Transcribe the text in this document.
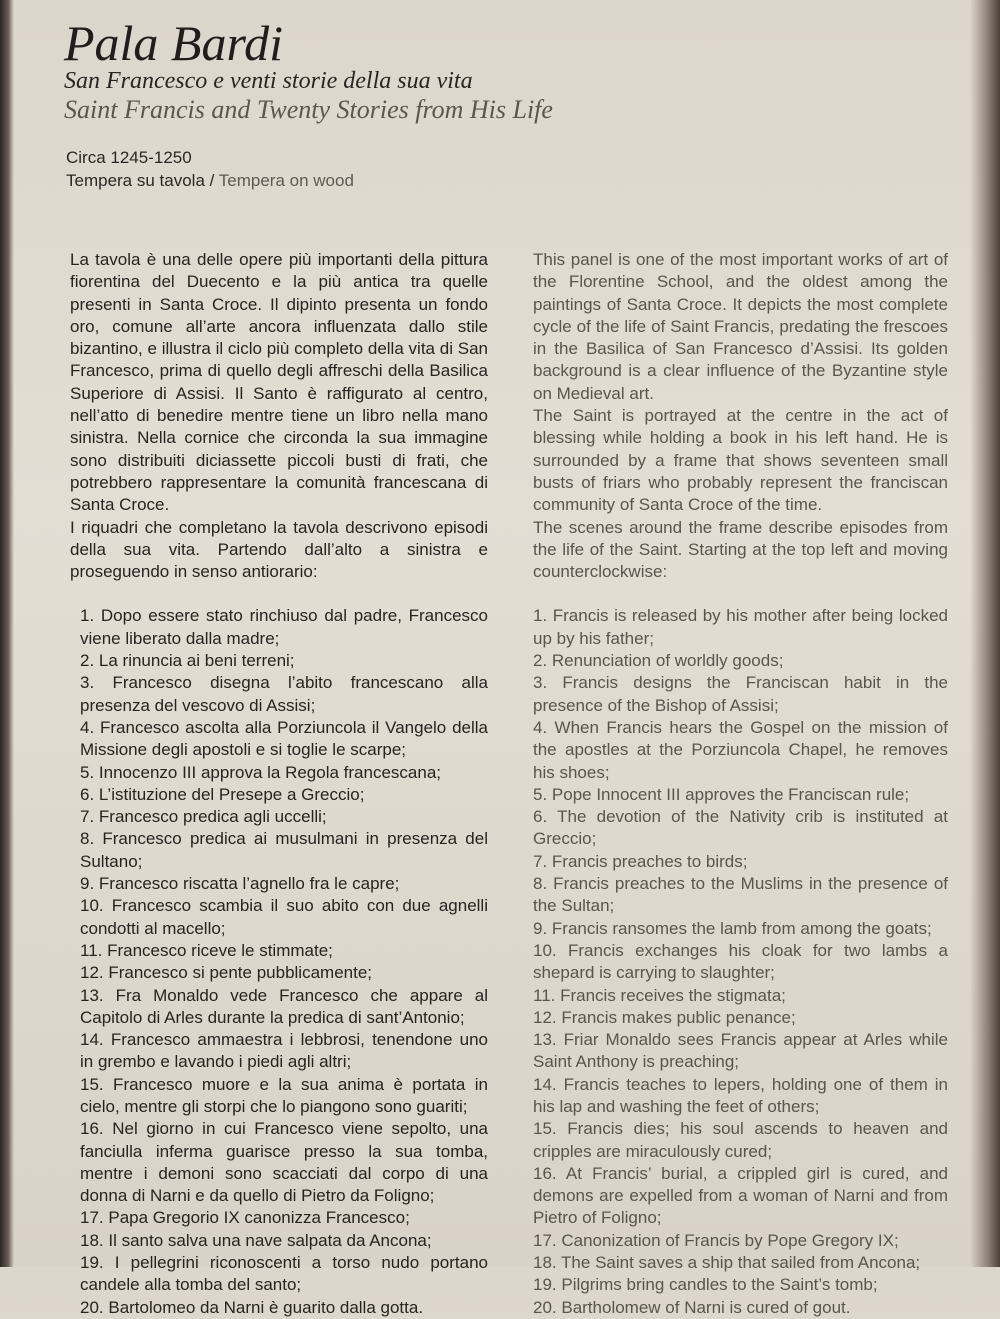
Pala Bardi
San Francesco e venti storie della sua vita
Saint Francis and Twenty Stories from His Life
Circa 1245-1250
Tempera su tavola / Tempera on wood

La tavola è una delle opere più importanti della pittura fiorentina del Duecento e la più antica tra quelle presenti in Santa Croce. Il dipinto presenta un fondo oro, comune all’arte ancora influenzata dallo stile bizantino, e illustra il ciclo più completo della vita di San Francesco, prima di quello degli affreschi della Basilica Superiore di Assisi. Il Santo è raffigurato al centro, nell’atto di benedire mentre tiene un libro nella mano sinistra. Nella cornice che circonda la sua immagine sono distribuiti diciassette piccoli busti di frati, che potrebbero rappresentare la comunità francescana di Santa Croce.

I riquadri che completano la tavola descrivono episodi della sua vita. Partendo dall’alto a sinistra e proseguendo in senso antiorario:

1. Dopo essere stato rinchiuso dal padre, Francesco viene liberato dalla madre;
2. La rinuncia ai beni terreni;
3. Francesco disegna l’abito francescano alla presenza del vescovo di Assisi;
4. Francesco ascolta alla Porziuncola il Vangelo della Missione degli apostoli e si toglie le scarpe;
5. Innocenzo III approva la Regola francescana;
6. L’istituzione del Presepe a Greccio;
7. Francesco predica agli uccelli;
8. Francesco predica ai musulmani in presenza del Sultano;
9. Francesco riscatta l’agnello fra le capre;
10. Francesco scambia il suo abito con due agnelli condotti al macello;
11. Francesco riceve le stimmate;
12. Francesco si pente pubblicamente;
13. Fra Monaldo vede Francesco che appare al Capitolo di Arles durante la predica di sant’Antonio;
14. Francesco ammaestra i lebbrosi, tenendone uno in grembo e lavando i piedi agli altri;
15. Francesco muore e la sua anima è portata in cielo, mentre gli storpi che lo piangono sono guariti;
16. Nel giorno in cui Francesco viene sepolto, una fanciulla inferma guarisce presso la sua tomba, mentre i demoni sono scacciati dal corpo di una donna di Narni e da quello di Pietro da Foligno;
17. Papa Gregorio IX canonizza Francesco;
18. Il santo salva una nave salpata da Ancona;
19. I pellegrini riconoscenti a torso nudo portano candele alla tomba del santo;
20. Bartolomeo da Narni è guarito dalla gotta.

This panel is one of the most important works of art of the Florentine School, and the oldest among the paintings of Santa Croce. It depicts the most complete cycle of the life of Saint Francis, predating the frescoes in the Basilica of San Francesco d’Assisi. Its golden background is a clear influence of the Byzantine style on Medieval art.

The Saint is portrayed at the centre in the act of blessing while holding a book in his left hand. He is surrounded by a frame that shows seventeen small busts of friars who probably represent the franciscan community of Santa Croce of the time.

The scenes around the frame describe episodes from the life of the Saint. Starting at the top left and moving counterclockwise:

1. Francis is released by his mother after being locked up by his father;
2. Renunciation of worldly goods;
3. Francis designs the Franciscan habit in the presence of the Bishop of Assisi;
4. When Francis hears the Gospel on the mission of the apostles at the Porziuncola Chapel, he removes his shoes;
5. Pope Innocent III approves the Franciscan rule;
6. The devotion of the Nativity crib is instituted at Greccio;
7. Francis preaches to birds;
8. Francis preaches to the Muslims in the presence of the Sultan;
9. Francis ransomes the lamb from among the goats;
10. Francis exchanges his cloak for two lambs a shepard is carrying to slaughter;
11. Francis receives the stigmata;
12. Francis makes public penance;
13. Friar Monaldo sees Francis appear at Arles while Saint Anthony is preaching;
14. Francis teaches to lepers, holding one of them in his lap and washing the feet of others;
15. Francis dies; his soul ascends to heaven and cripples are miraculously cured;
16. At Francis’ burial, a crippled girl is cured, and demons are expelled from a woman of Narni and from Pietro of Foligno;
17. Canonization of Francis by Pope Gregory IX;
18. The Saint saves a ship that sailed from Ancona;
19. Pilgrims bring candles to the Saint’s tomb;
20. Bartholomew of Narni is cured of gout.
